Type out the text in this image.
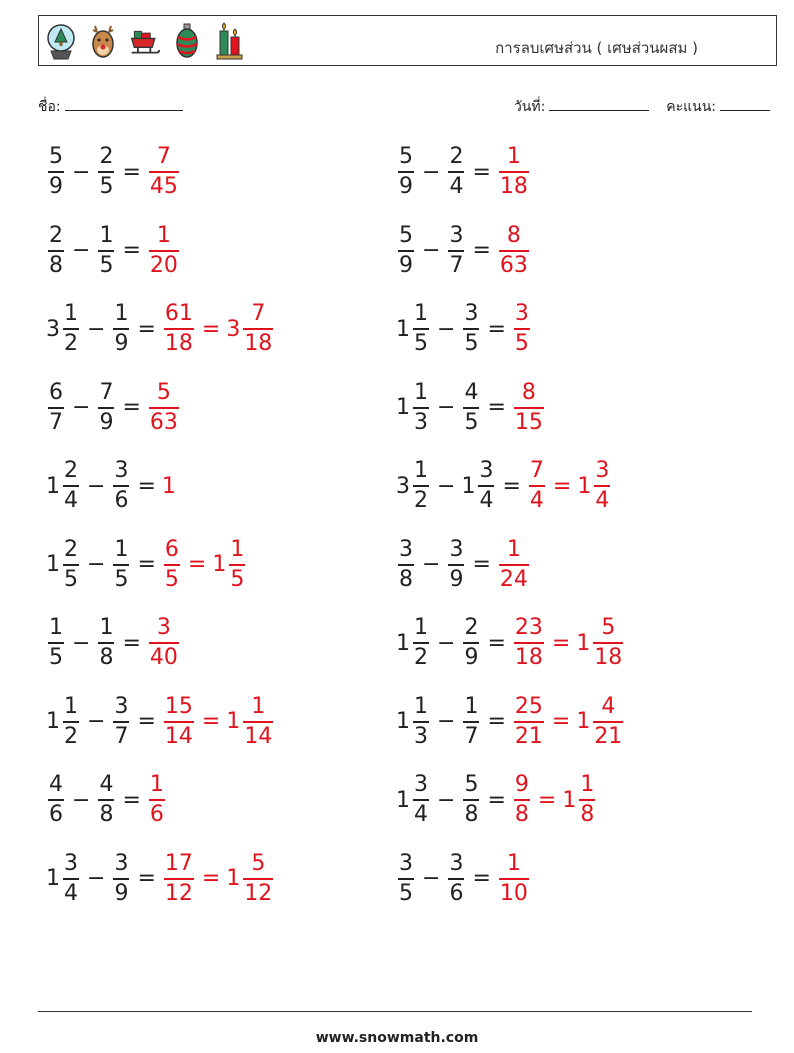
การลบเศษส่วน ( เศษส่วนผสม )
ชื่อ:	วันที่:	คะแนน:
$\frac{5}{9} - \frac{2}{5} = \frac{7}{45}$	$\frac{5}{9} - \frac{2}{4} = \frac{1}{18}$
$\frac{2}{8} - \frac{1}{5} = \frac{1}{20}$	$\frac{5}{9} - \frac{3}{7} = \frac{8}{63}$
$3 \frac{1}{2} - \frac{1}{9} = \frac{61}{18} = 3 \frac{7}{18}$	$1 \frac{1}{5} - \frac{3}{5} = \frac{3}{5}$
$\frac{6}{7} - \frac{7}{9} = \frac{5}{63}$	$1 \frac{1}{3} - \frac{4}{5} = \frac{8}{15}$
$1 \frac{2}{4} - \frac{3}{6} = 1$	$3 \frac{1}{2} - 1 \frac{3}{4} = \frac{7}{4} = 1 \frac{3}{4}$
$1 \frac{2}{5} - \frac{1}{5} = \frac{6}{5} = 1 \frac{1}{5}$	$\frac{3}{8} - \frac{3}{9} = \frac{1}{24}$
$\frac{1}{5} - \frac{1}{8} = \frac{3}{40}$	$1 \frac{1}{2} - \frac{2}{9} = \frac{23}{18} = 1 \frac{5}{18}$
$1 \frac{1}{2} - \frac{3}{7} = \frac{15}{14} = 1 \frac{1}{14}$	$1 \frac{1}{3} - \frac{1}{7} = \frac{25}{21} = 1 \frac{4}{21}$
$\frac{4}{6} - \frac{4}{8} = \frac{1}{6}$	$1 \frac{3}{4} - \frac{5}{8} = \frac{9}{8} = 1 \frac{1}{8}$
$1 \frac{3}{4} - \frac{3}{9} = \frac{17}{12} = 1 \frac{5}{12}$	$\frac{3}{5} - \frac{3}{6} = \frac{1}{10}$
www.snowmath.com
